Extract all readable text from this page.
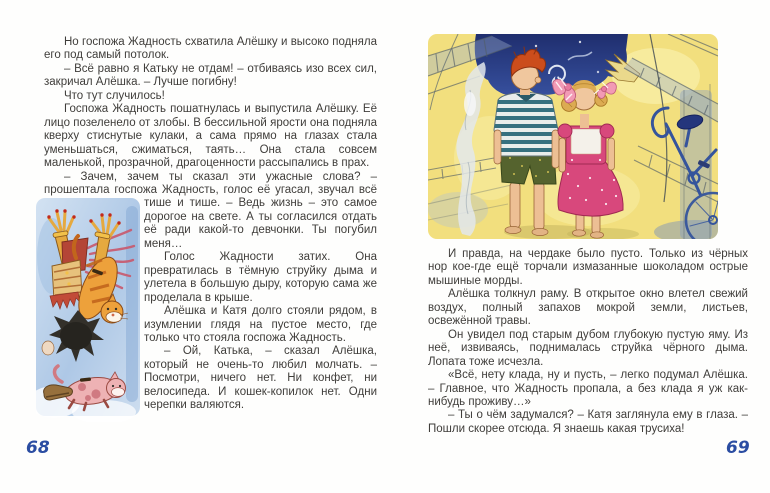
Но госпожа Жадность схватила Алёшку и высоко подняла его под самый потолок.

– Всё равно я Катьку не отдам! – отбиваясь изо всех сил, закричал Алёшка. – Лучше погибну!

Что тут случилось!

Госпожа Жадность пошатнулась и выпустила Алёшку. Её лицо позеленело от злобы. В бессильной ярости она подняла кверху стиснутые кулаки, а сама прямо на глазах стала уменьшаться, сжиматься, таять… Она стала совсем маленькой, прозрачной, драгоценности рассыпались в прах.

– Зачем, зачем ты сказал эти ужасные слова? – прошептала госпожа Жадность, голос её угасал, звучал всё тише и тише. – Ведь жизнь – это самое дорогое на свете. А ты согласился отдать её ради какой-то девчонки. Ты погубил меня…

Голос Жадности затих. Она превратилась в тёмную струйку дыма и улетела в большую дыру, которую сама же проделала в крыше.

Алёшка и Катя долго стояли рядом, в изумлении глядя на пустое место, где только что стояла госпожа Жадность.

– Ой, Катька, – сказал Алёшка, который не очень-то любил молчать. – Посмотри, ничего нет. Ни конфет, ни велосипеда. И кошек-копилок нет. Одни черепки валяются.

И правда, на чердаке было пусто. Только из чёрных нор кое-где ещё торчали измазанные шоколадом острые мышиные морды.

Алёшка толкнул раму. В открытое окно влетел свежий воздух, полный запахов мокрой земли, листьев, освежённой травы.

Он увидел под старым дубом глубокую пустую яму. Из неё, извиваясь, поднималась струйка чёрного дыма. Лопата тоже исчезла.

«Всё, нету клада, ну и пусть, – легко подумал Алёшка. – Главное, что Жадность пропала, а без клада я уж как-нибудь проживу…»

– Ты о чём задумался? – Катя заглянула ему в глаза. – Пошли скорее отсюда. Я знаешь какая трусиха!

68	69
